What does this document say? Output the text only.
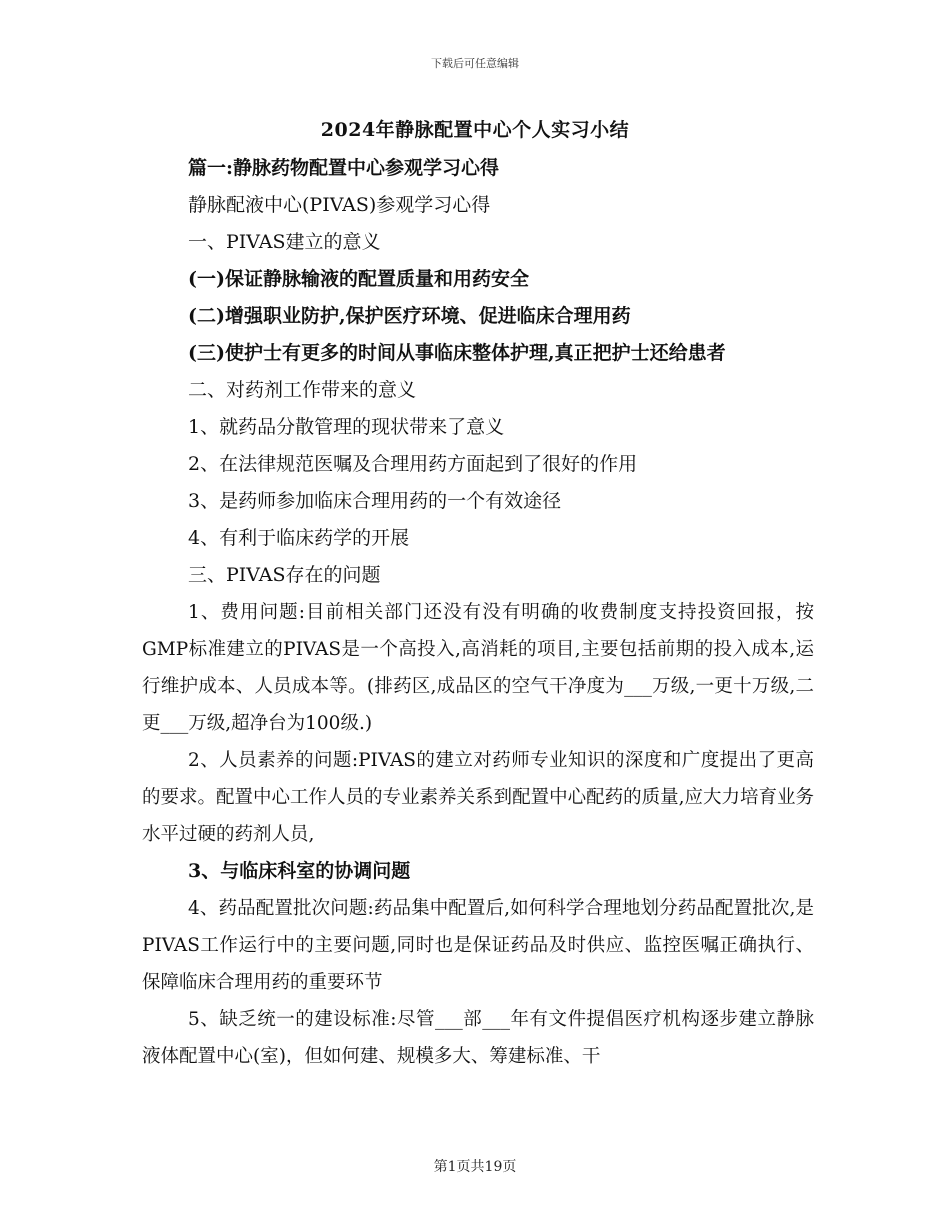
下载后可任意编辑
2024年静脉配置中心个人实习小结
篇一:静脉药物配置中心参观学习心得
静脉配液中心(PIVAS)参观学习心得
一、PIVAS建立的意义
(一)保证静脉输液的配置质量和用药安全
(二)增强职业防护,保护医疗环境、促进临床合理用药
(三)使护士有更多的时间从事临床整体护理,真正把护士还给患者
二、对药剂工作带来的意义
1、就药品分散管理的现状带来了意义
2、在法律规范医嘱及合理用药方面起到了很好的作用
3、是药师参加临床合理用药的一个有效途径
4、有利于临床药学的开展
三、PIVAS存在的问题

1、费用问题:目前相关部门还没有没有明确的收费制度支持投资回报，按GMP标准建立的PIVAS是一个高投入,高消耗的项目,主要包括前期的投入成本,运行维护成本、人员成本等。(排药区,成品区的空气干净度为___万级,一更十万级,二更___万级,超净台为100级.)

2、人员素养的问题:PIVAS的建立对药师专业知识的深度和广度提出了更高的要求。配置中心工作人员的专业素养关系到配置中心配药的质量,应大力培育业务水平过硬的药剂人员,

3、与临床科室的协调问题

4、药品配置批次问题:药品集中配置后,如何科学合理地划分药品配置批次,是PIVAS工作运行中的主要问题,同时也是保证药品及时供应、监控医嘱正确执行、保障临床合理用药的重要环节

5、缺乏统一的建设标准:尽管___部___年有文件提倡医疗机构逐步建立静脉液体配置中心(室)，但如何建、规模多大、筹建标准、干

第1页共19页
